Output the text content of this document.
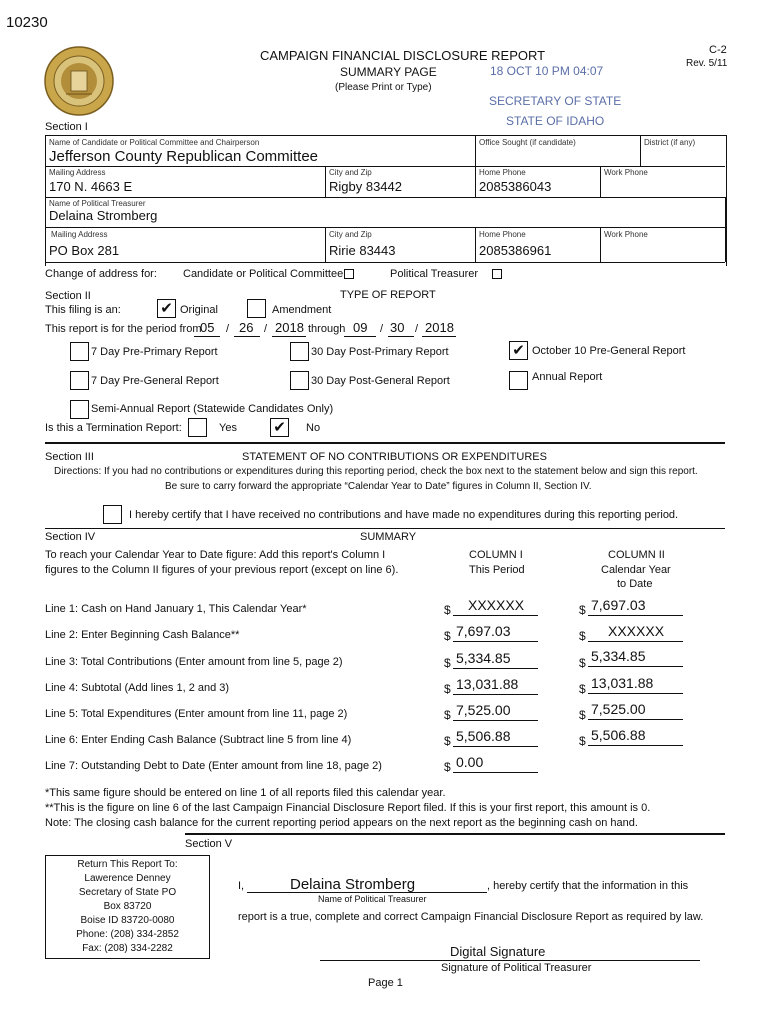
10230
CAMPAIGN FINANCIAL DISCLOSURE REPORT
SUMMARY PAGE
(Please Print or Type)
C-2
Rev. 5/11
18 OCT 10 PM 04:07
SECRETARY OF STATE
STATE OF IDAHO
Section I
Name of Candidate or Political Committee and Chairperson
Jefferson County Republican Committee
Office Sought (if candidate)	District (if any)
Mailing Address
170 N. 4663 E
City and Zip
Rigby 83442
Home Phone
2085386043
Work Phone
Name of Political Treasurer
Delaina Stromberg
Mailing Address
PO Box 281
City and Zip
Ririe 83443
Home Phone
2085386961
Work Phone
Change of address for: Candidate or Political Committee	Political Treasurer
Section II	TYPE OF REPORT
This filing is an:	✔ Original	Amendment
This report is for the period from
05 / 26 / 2018 through 09 / 30 / 2018
7 Day Pre-Primary Report	30 Day Post-Primary Report	✔ October 10 Pre-General Report
7 Day Pre-General Report	30 Day Post-General Report	Annual Report
Semi-Annual Report (Statewide Candidates Only)
Is this a Termination Report:	Yes ✔ No
Section III	STATEMENT OF NO CONTRIBUTIONS OR EXPENDITURES
Directions: If you had no contributions or expenditures during this reporting period, check the box next to the statement below and sign this report.
Be sure to carry forward the appropriate “Calendar Year to Date” figures in Column II, Section IV.
I hereby certify that I have received no contributions and have made no expenditures during this reporting period.
Section IV	SUMMARY
To reach your Calendar Year to Date figure: Add this report's Column I
figures to the Column II figures of your previous report (except on line 6).
COLUMN I
This Period
COLUMN II
Calendar Year
to Date
Line 1: Cash on Hand January 1, This Calendar Year*	$	XXXXXX	$ 7,697.03
Line 2: Enter Beginning Cash Balance**	$ 7,697.03	$	XXXXXX
Line 3: Total Contributions (Enter amount from line 5, page 2)	$ 5,334.85	$ 5,334.85
Line 4: Subtotal (Add lines 1, 2 and 3)	$ 13,031.88	$ 13,031.88
Line 5: Total Expenditures (Enter amount from line 11, page 2)	$ 7,525.00	$ 7,525.00
Line 6: Enter Ending Cash Balance (Subtract line 5 from line 4)	$ 5,506.88	$ 5,506.88
Line 7: Outstanding Debt to Date (Enter amount from line 18, page 2)	$ 0.00
*This same figure should be entered on line 1 of all reports filed this calendar year.
**This is the figure on line 6 of the last Campaign Financial Disclosure Report filed. If this is your first report, this amount is 0.
Note: The closing cash balance for the current reporting period appears on the next report as the beginning cash on hand.
Section V
Return This Report To:
Lawerence Denney
Secretary of State PO
Box 83720
Boise ID 83720-0080
Phone: (208) 334-2852
Fax: (208) 334-2282
I,	Delaina Stromberg	, hereby certify that the information in this
Name of Political Treasurer
report is a true, complete and correct Campaign Financial Disclosure Report as required by law.
Digital Signature
Signature of Political Treasurer
Page 1
